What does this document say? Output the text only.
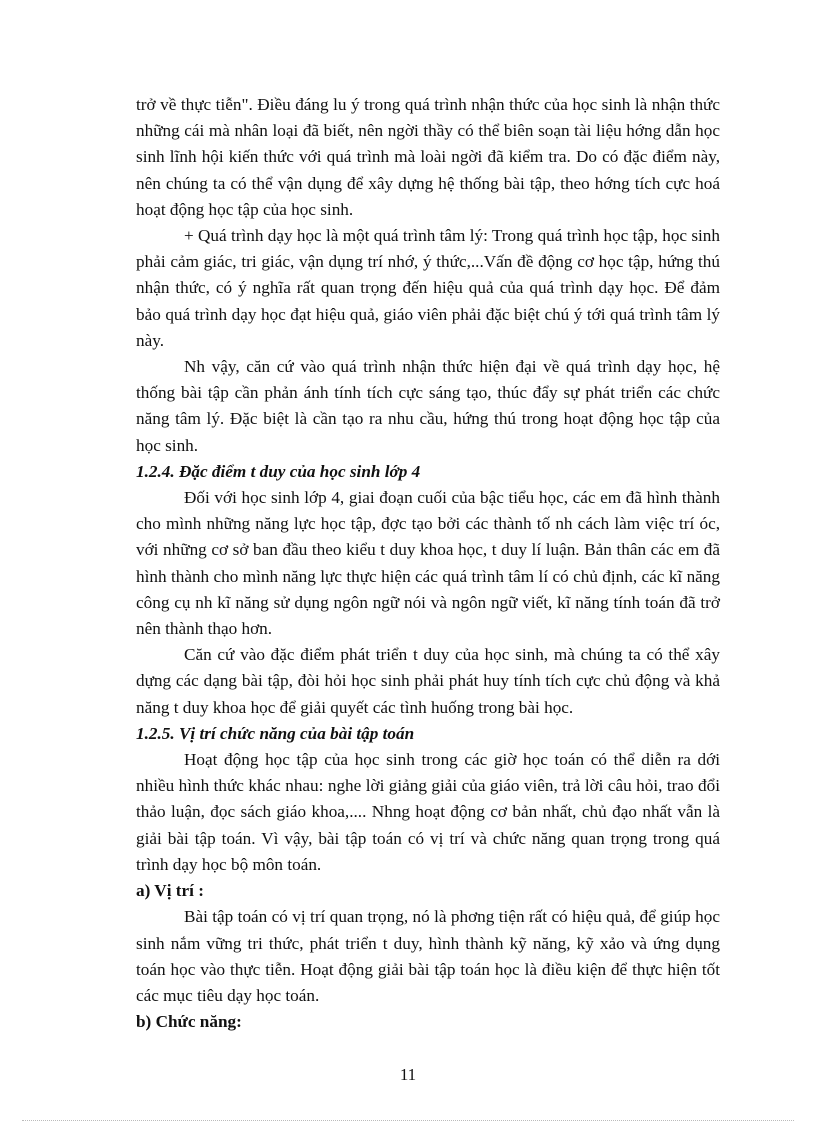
trở về thực tiễn". Điều đáng lu ý trong quá trình nhận thức của học sinh là nhận thức những cái mà nhân loại đã biết, nên ngời thầy có thể biên soạn tài liệu hớng dẫn học sinh lĩnh hội kiến thức với quá trình mà loài ngời đã kiểm tra. Do có đặc điểm này, nên chúng ta có thể vận dụng để xây dựng hệ thống bài tập, theo hớng tích cực hoá hoạt động học tập của học sinh.

+ Quá trình dạy học là một quá trình tâm lý: Trong quá trình học tập, học sinh phải cảm giác, tri giác, vận dụng trí nhớ, ý thức,...Vấn đề động cơ học tập, hứng thú nhận thức, có ý nghĩa rất quan trọng đến hiệu quả của quá trình dạy học. Để đảm bảo quá trình dạy học đạt hiệu quả, giáo viên phải đặc biệt chú ý tới quá trình tâm lý này.

Nh vậy, căn cứ vào quá trình nhận thức hiện đại về quá trình dạy học, hệ thống bài tập cần phản ánh tính tích cực sáng tạo, thúc đẩy sự phát triển các chức năng tâm lý. Đặc biệt là cần tạo ra nhu cầu, hứng thú trong hoạt động học tập của học sinh.

1.2.4. Đặc điểm t duy của học sinh lớp 4

Đối với học sinh lớp 4, giai đoạn cuối của bậc tiểu học, các em đã hình thành cho mình những năng lực học tập, đợc tạo bởi các thành tố nh cách làm việc trí óc, với những cơ sở ban đầu theo kiểu t duy khoa học, t duy lí luận. Bản thân các em đã hình thành cho mình năng lực thực hiện các quá trình tâm lí có chủ định, các kĩ năng công cụ nh kĩ năng sử dụng ngôn ngữ nói và ngôn ngữ viết, kĩ năng tính toán đã trở nên thành thạo hơn.

Căn cứ vào đặc điểm phát triển t duy của học sinh, mà chúng ta có thể xây dựng các dạng bài tập, đòi hỏi học sinh phải phát huy tính tích cực chủ động và khả năng t duy khoa học để giải quyết các tình huống trong bài học.

1.2.5. Vị trí chức năng của bài tập toán

Hoạt động học tập của học sinh trong các giờ học toán có thể diễn ra dới nhiều hình thức khác nhau: nghe lời giảng giải của giáo viên, trả lời câu hỏi, trao đổi thảo luận, đọc sách giáo khoa,.... Nhng hoạt động cơ bản nhất, chủ đạo nhất vẫn là giải bài tập toán. Vì vậy, bài tập toán có vị trí và chức năng quan trọng trong quá trình dạy học bộ môn toán.

a) Vị trí :

Bài tập toán có vị trí quan trọng, nó là phơng tiện rất có hiệu quả, để giúp học sinh nắm vững tri thức, phát triển t duy, hình thành kỹ năng, kỹ xảo và ứng dụng toán học vào thực tiễn. Hoạt động giải bài tập toán học là điều kiện để thực hiện tốt các mục tiêu dạy học toán.

b) Chức năng:

11
